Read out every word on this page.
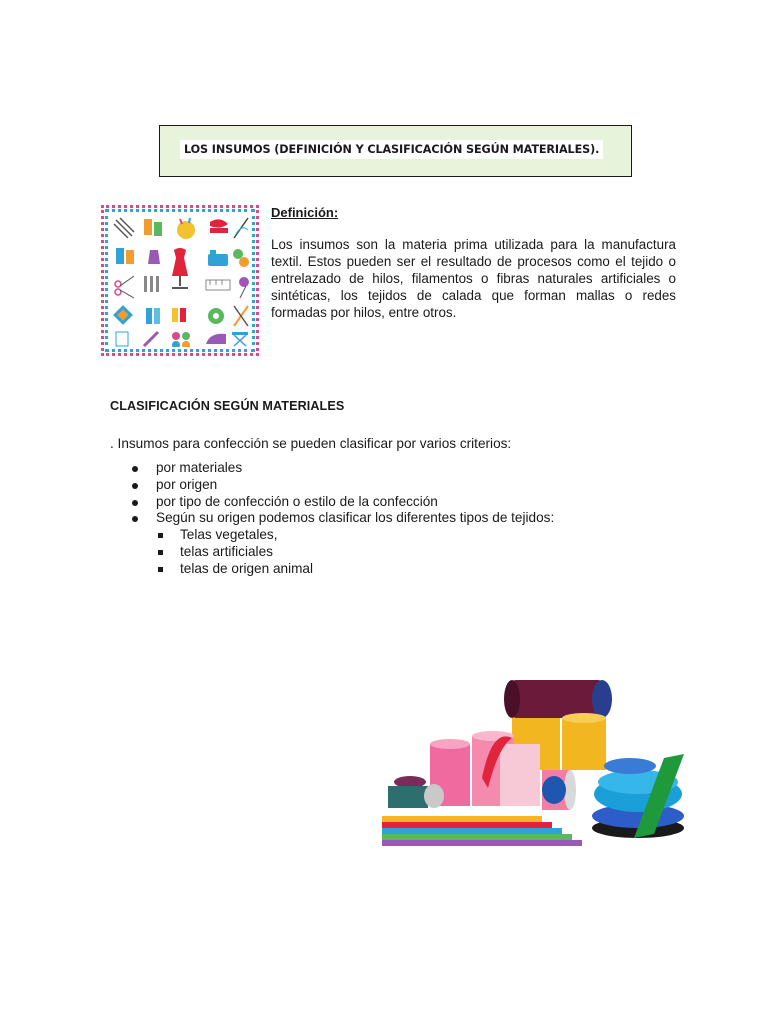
LOS INSUMOS (DEFINICIÓN Y CLASIFICACIÓN SEGÚN MATERIALES).
Definición:
Los insumos son la materia prima utilizada para la manufactura textil. Estos pueden ser el resultado de procesos como el tejido o entrelazado de hilos, filamentos o fibras naturales artificiales o sintéticas, los tejidos de calada que forman mallas o redes formadas por hilos, entre otros.
CLASIFICACIÓN SEGÚN MATERIALES
. Insumos para confección se pueden clasificar por varios criterios:
por materiales
por origen
por tipo de confección o estilo de la confección
Según su origen podemos clasificar los diferentes tipos de tejidos:
Telas vegetales,
telas artificiales
telas de origen animal
